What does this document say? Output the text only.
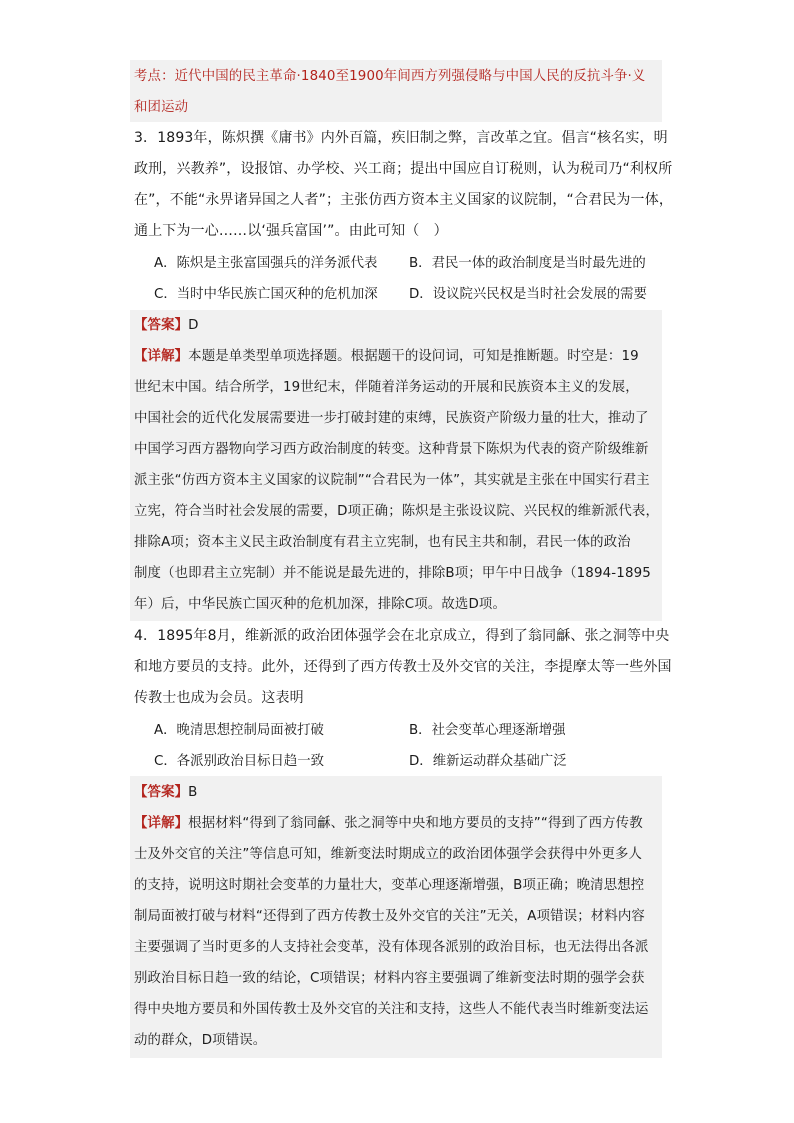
考点：近代中国的民主革命·1840至1900年间西方列强侵略与中国人民的反抗斗争·义
和团运动
3．1893年，陈炽撰《庸书》内外百篇，疾旧制之弊，言改革之宜。倡言“核名实，明
政刑，兴教养”，设报馆、办学校、兴工商；提出中国应自订税则，认为税司乃“利权所
在”，不能“永畀诸异国之人者”；主张仿西方资本主义国家的议院制，“合君民为一体，
通上下为一心……以‘强兵富国’”。由此可知（　）
A．陈炽是主张富国强兵的洋务派代表 B．君民一体的政治制度是当时最先进的
C．当时中华民族亡国灭种的危机加深 D．设议院兴民权是当时社会发展的需要
【答案】D
【详解】本题是单类型单项选择题。根据题干的设问词，可知是推断题。时空是：19
世纪末中国。结合所学，19世纪末，伴随着洋务运动的开展和民族资本主义的发展，
中国社会的近代化发展需要进一步打破封建的束缚，民族资产阶级力量的壮大，推动了
中国学习西方器物向学习西方政治制度的转变。这种背景下陈炽为代表的资产阶级维新
派主张“仿西方资本主义国家的议院制”“合君民为一体”，其实就是主张在中国实行君主
立宪，符合当时社会发展的需要，D项正确；陈炽是主张设议院、兴民权的维新派代表，
排除A项；资本主义民主政治制度有君主立宪制，也有民主共和制，君民一体的政治
制度（也即君主立宪制）并不能说是最先进的，排除B项；甲午中日战争（1894-1895
年）后，中华民族亡国灭种的危机加深，排除C项。故选D项。
4．1895年8月，维新派的政治团体强学会在北京成立，得到了翁同龢、张之洞等中央
和地方要员的支持。此外，还得到了西方传教士及外交官的关注，李提摩太等一些外国
传教士也成为会员。这表明
A．晚清思想控制局面被打破	B．社会变革心理逐渐增强
C．各派别政治目标日趋一致	D．维新运动群众基础广泛
【答案】B
【详解】根据材料“得到了翁同龢、张之洞等中央和地方要员的支持”“得到了西方传教
士及外交官的关注”等信息可知，维新变法时期成立的政治团体强学会获得中外更多人
的支持，说明这时期社会变革的力量壮大，变革心理逐渐增强，B项正确；晚清思想控
制局面被打破与材料“还得到了西方传教士及外交官的关注”无关，A项错误；材料内容
主要强调了当时更多的人支持社会变革，没有体现各派别的政治目标，也无法得出各派
别政治目标日趋一致的结论，C项错误；材料内容主要强调了维新变法时期的强学会获
得中央地方要员和外国传教士及外交官的关注和支持，这些人不能代表当时维新变法运
动的群众，D项错误。
